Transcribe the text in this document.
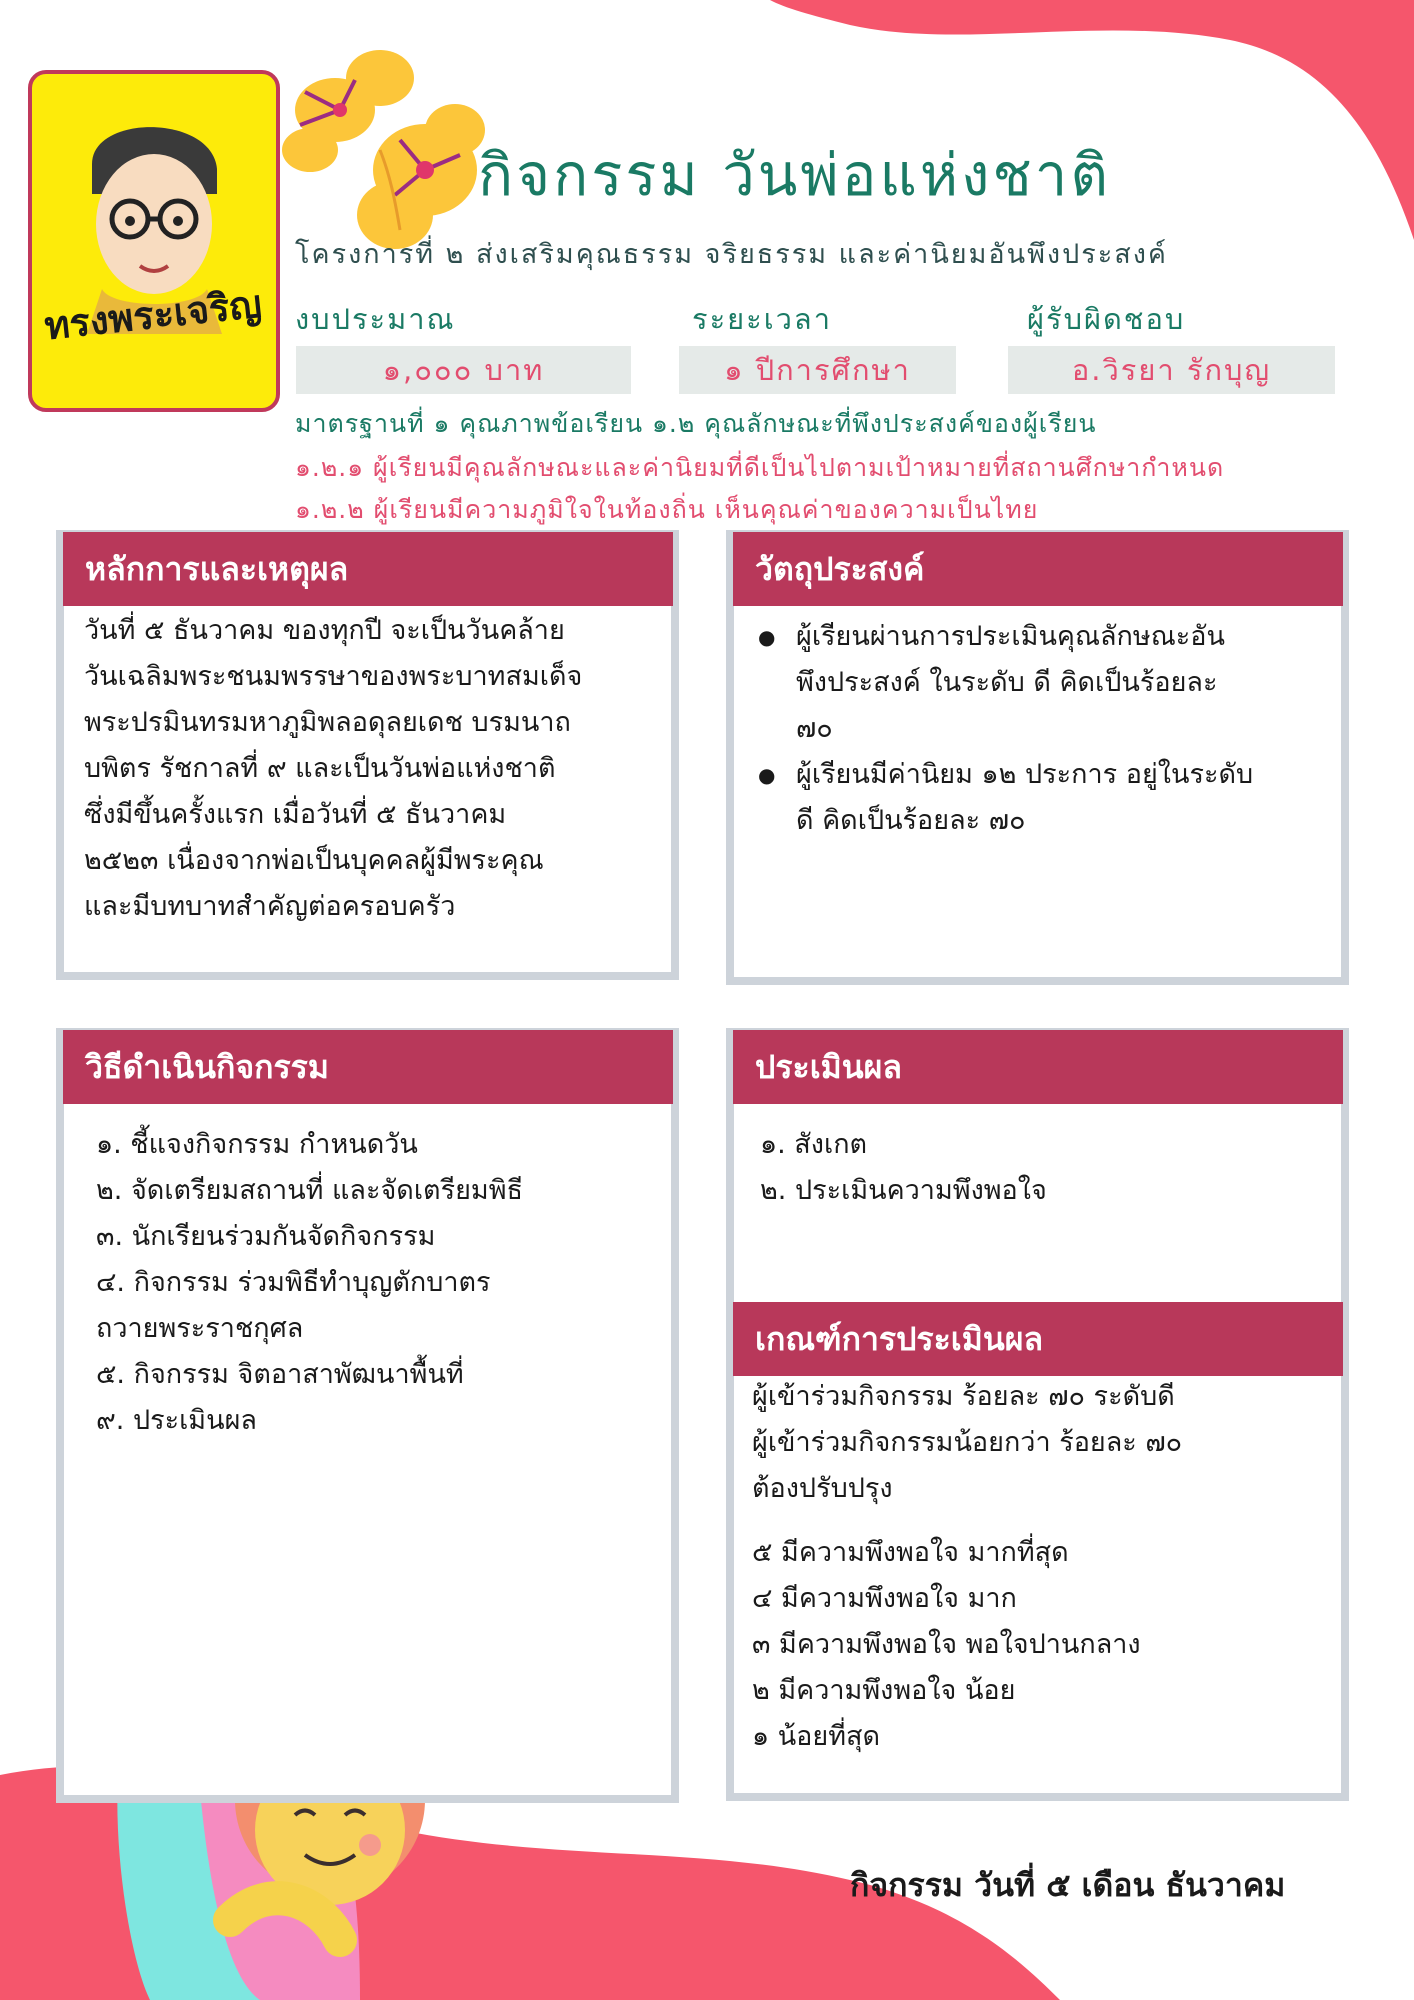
ทรงพระเจริญ
กิจกรรม วันพ่อแห่งชาติ
โครงการที่ ๒ ส่งเสริมคุณธรรม จริยธรรม และค่านิยมอันพึงประสงค์
งบประมาณ	ระยะเวลา	ผู้รับผิดชอบ
๑,๐๐๐ บาท	๑ ปีการศึกษา	อ.วิรยา รักบุญ
มาตรฐานที่ ๑ คุณภาพข้อเรียน ๑.๒ คุณลักษณะที่พึงประสงค์ของผู้เรียน
๑.๒.๑ ผู้เรียนมีคุณลักษณะและค่านิยมที่ดีเป็นไปตามเป้าหมายที่สถานศึกษากำหนด
๑.๒.๒ ผู้เรียนมีความภูมิใจในท้องถิ่น เห็นคุณค่าของความเป็นไทย
หลักการและเหตุผล
วันที่ ๕ ธันวาคม ของทุกปี จะเป็นวันคล้าย
วันเฉลิมพระชนมพรรษาของพระบาทสมเด็จ
พระปรมินทรมหาภูมิพลอดุลยเดช บรมนาถ
บพิตร รัชกาลที่ ๙ และเป็นวันพ่อแห่งชาติ
ซึ่งมีขึ้นครั้งแรก เมื่อวันที่ ๕ ธันวาคม
๒๕๒๓ เนื่องจากพ่อเป็นบุคคลผู้มีพระคุณ
และมีบทบาทสำคัญต่อครอบครัว
วัตถุประสงค์
● ผู้เรียนผ่านการประเมินคุณลักษณะอัน
พึงประสงค์ ในระดับ ดี คิดเป็นร้อยละ
๗๐
● ผู้เรียนมีค่านิยม ๑๒ ประการ อยู่ในระดับ
ดี คิดเป็นร้อยละ ๗๐
วิธีดำเนินกิจกรรม
๑. ชี้แจงกิจกรรม กำหนดวัน
๒. จัดเตรียมสถานที่ และจัดเตรียมพิธี
๓. นักเรียนร่วมกันจัดกิจกรรม
๔. กิจกรรม ร่วมพิธีทำบุญตักบาตร
ถวายพระราชกุศล
๕. กิจกรรม จิตอาสาพัฒนาพื้นที่
๙. ประเมินผล
ประเมินผล
๑. สังเกต
๒. ประเมินความพึงพอใจ
เกณฑ์การประเมินผล
ผู้เข้าร่วมกิจกรรม ร้อยละ ๗๐ ระดับดี
ผู้เข้าร่วมกิจกรรมน้อยกว่า ร้อยละ ๗๐
ต้องปรับปรุง
๕ มีความพึงพอใจ มากที่สุด
๔ มีความพึงพอใจ มาก
๓ มีความพึงพอใจ พอใจปานกลาง
๒ มีความพึงพอใจ น้อย
๑ น้อยที่สุด
กิจกรรม วันที่ ๕ เดือน ธันวาคม
